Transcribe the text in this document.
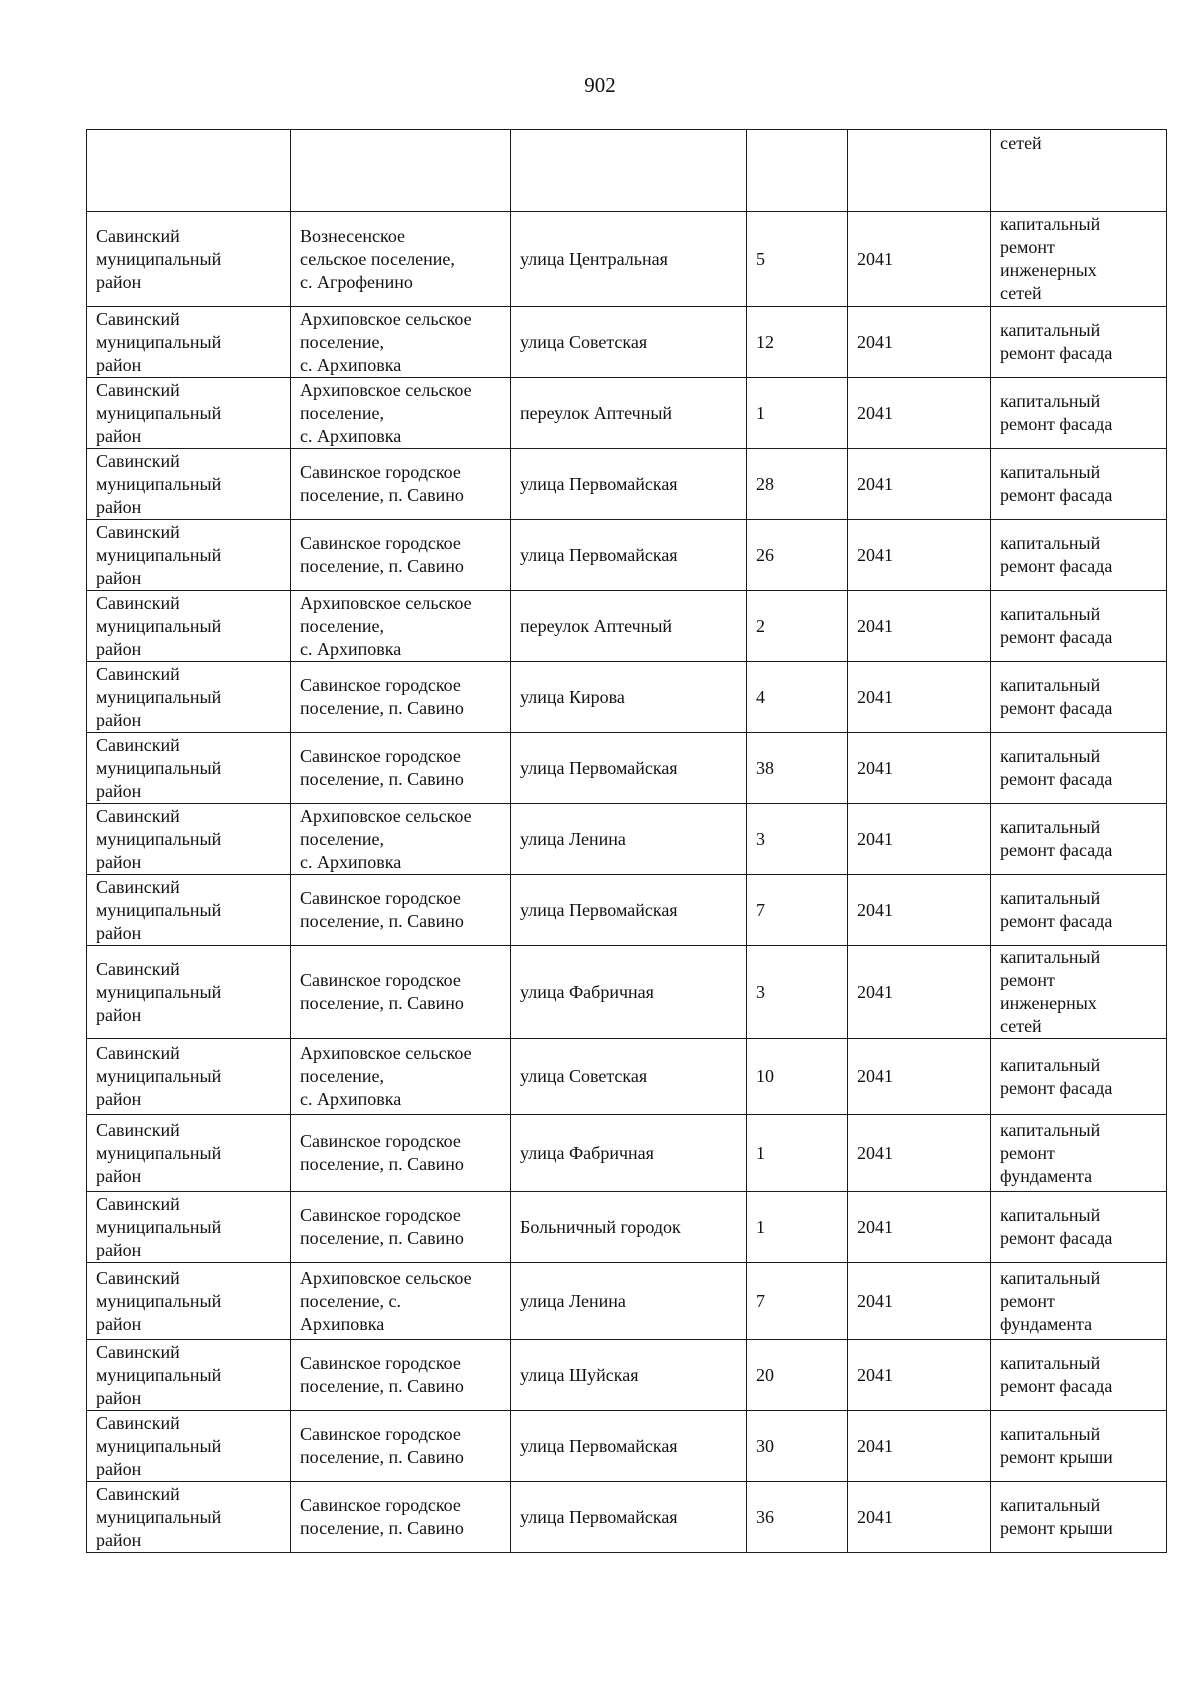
902

					сетей

Савинский
муниципальный
район	Вознесенское
сельское поселение,
с. Агрофенино	улица Центральная	5	2041	капитальный
ремонт
инженерных
сетей

Савинский
муниципальный
район	Архиповское сельское
поселение,
с. Архиповка	улица Советская	12	2041	капитальный
ремонт фасада

Савинский
муниципальный
район	Архиповское сельское
поселение,
с. Архиповка	переулок Аптечный	1	2041	капитальный
ремонт фасада

Савинский
муниципальный
район	Савинское городское
поселение, п. Савино	улица Первомайская	28	2041	капитальный
ремонт фасада

Савинский
муниципальный
район	Савинское городское
поселение, п. Савино	улица Первомайская	26	2041	капитальный
ремонт фасада

Савинский
муниципальный
район	Архиповское сельское
поселение,
с. Архиповка	переулок Аптечный	2	2041	капитальный
ремонт фасада

Савинский
муниципальный
район	Савинское городское
поселение, п. Савино	улица Кирова	4	2041	капитальный
ремонт фасада

Савинский
муниципальный
район	Савинское городское
поселение, п. Савино	улица Первомайская	38	2041	капитальный
ремонт фасада

Савинский
муниципальный
район	Архиповское сельское
поселение,
с. Архиповка	улица Ленина	3	2041	капитальный
ремонт фасада

Савинский
муниципальный
район	Савинское городское
поселение, п. Савино	улица Первомайская	7	2041	капитальный
ремонт фасада

Савинский
муниципальный
район	Савинское городское
поселение, п. Савино	улица Фабричная	3	2041	капитальный
ремонт
инженерных
сетей

Савинский
муниципальный
район	Архиповское сельское
поселение,
с. Архиповка	улица Советская	10	2041	капитальный
ремонт фасада

Савинский
муниципальный
район	Савинское городское
поселение, п. Савино	улица Фабричная	1	2041	капитальный
ремонт
фундамента

Савинский
муниципальный
район	Савинское городское
поселение, п. Савино	Больничный городок	1	2041	капитальный
ремонт фасада

Савинский
муниципальный
район	Архиповское сельское
поселение, с.
Архиповка	улица Ленина	7	2041	капитальный
ремонт
фундамента

Савинский
муниципальный
район	Савинское городское
поселение, п. Савино	улица Шуйская	20	2041	капитальный
ремонт фасада

Савинский
муниципальный
район	Савинское городское
поселение, п. Савино	улица Первомайская	30	2041	капитальный
ремонт крыши

Савинский
муниципальный
район	Савинское городское
поселение, п. Савино	улица Первомайская	36	2041	капитальный
ремонт крыши
